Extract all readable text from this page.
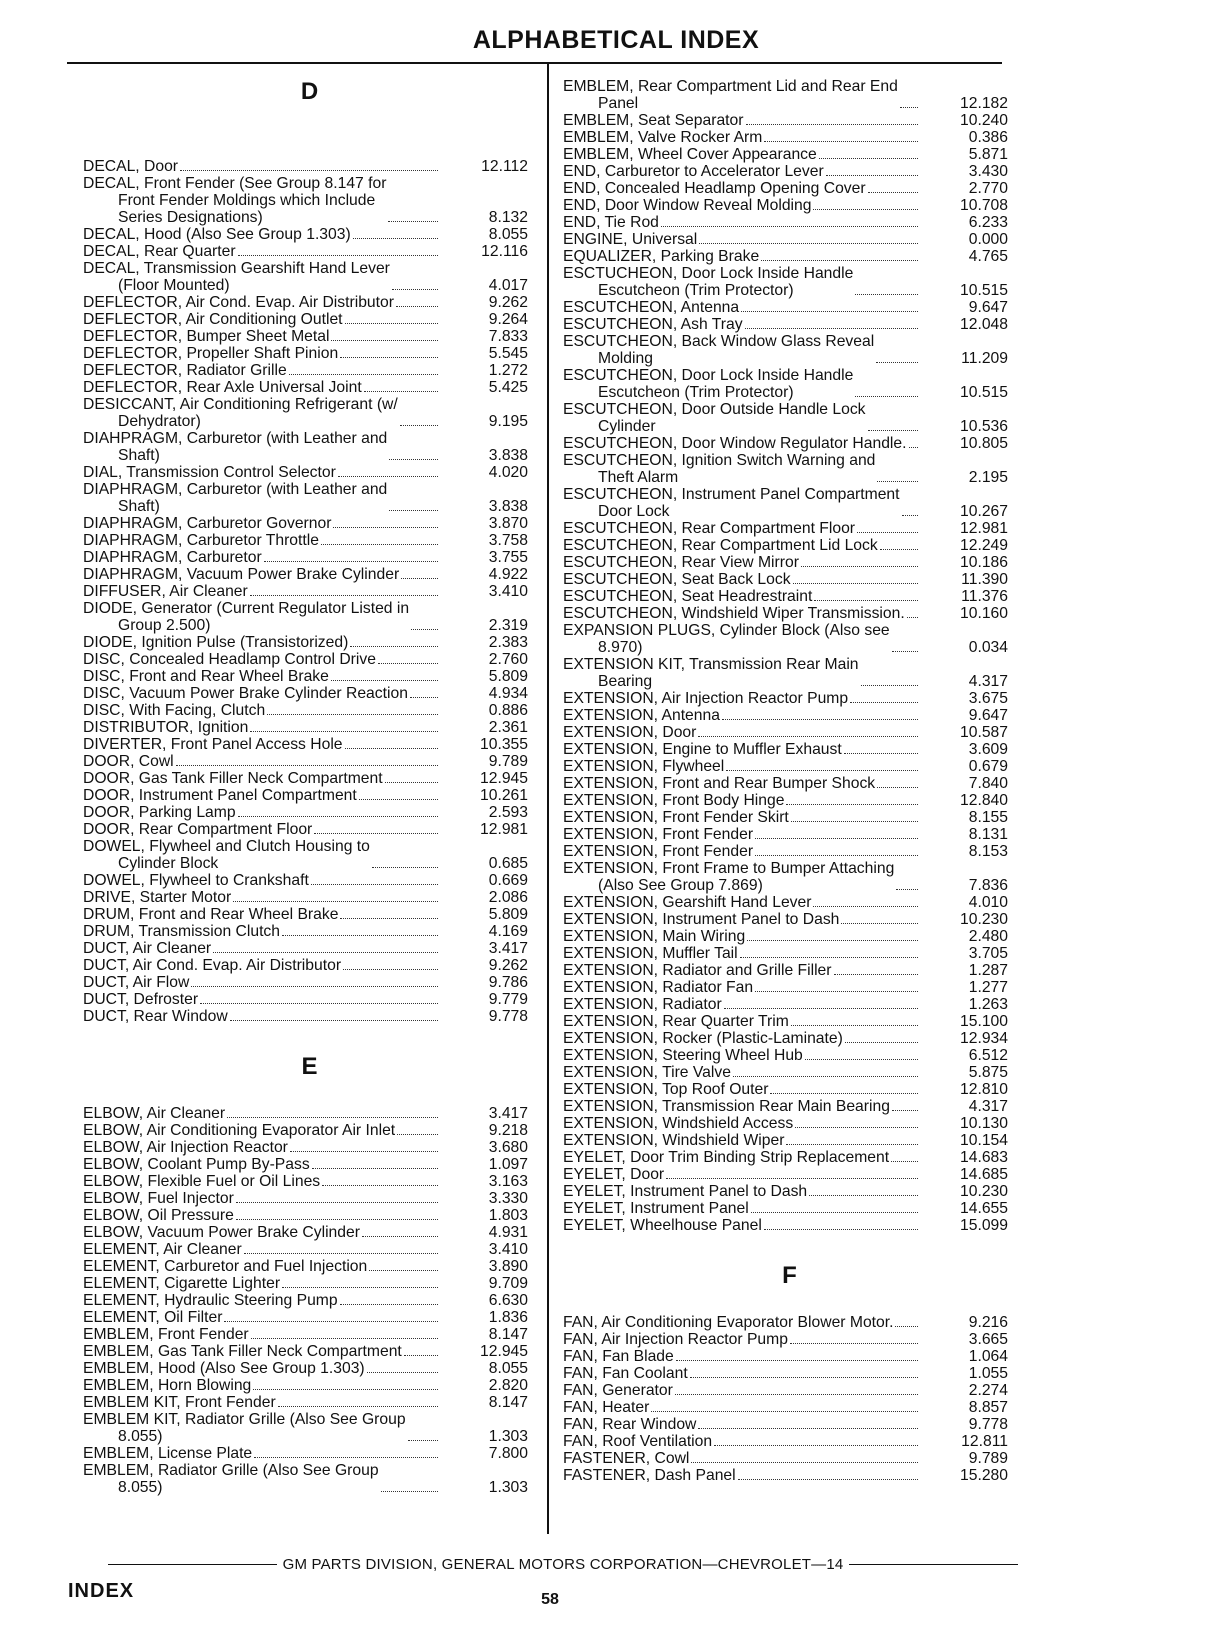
ALPHABETICAL INDEX
D
DECAL, Door	12.112
DECAL, Front Fender (See Group 8.147 for
Front Fender Moldings which Include
Series Designations)	8.132
DECAL, Hood (Also See Group 1.303)	8.055
DECAL, Rear Quarter	12.116
DECAL, Transmission Gearshift Hand Lever
(Floor Mounted)	4.017
DEFLECTOR, Air Cond. Evap. Air Distributor	9.262
DEFLECTOR, Air Conditioning Outlet	9.264
DEFLECTOR, Bumper Sheet Metal	7.833
DEFLECTOR, Propeller Shaft Pinion	5.545
DEFLECTOR, Radiator Grille	1.272
DEFLECTOR, Rear Axle Universal Joint	5.425
DESICCANT, Air Conditioning Refrigerant (w/
Dehydrator)	9.195
DIAHPRAGM, Carburetor (with Leather and
Shaft)	3.838
DIAL, Transmission Control Selector	4.020
DIAPHRAGM, Carburetor (with Leather and
Shaft)	3.838
DIAPHRAGM, Carburetor Governor	3.870
DIAPHRAGM, Carburetor Throttle	3.758
DIAPHRAGM, Carburetor	3.755
DIAPHRAGM, Vacuum Power Brake Cylinder	4.922
DIFFUSER, Air Cleaner	3.410
DIODE, Generator (Current Regulator Listed in
Group 2.500)	2.319
DIODE, Ignition Pulse (Transistorized)	2.383
DISC, Concealed Headlamp Control Drive	2.760
DISC, Front and Rear Wheel Brake	5.809
DISC, Vacuum Power Brake Cylinder Reaction	4.934
DISC, With Facing, Clutch	0.886
DISTRIBUTOR, Ignition	2.361
DIVERTER, Front Panel Access Hole	10.355
DOOR, Cowl	9.789
DOOR, Gas Tank Filler Neck Compartment	12.945
DOOR, Instrument Panel Compartment	10.261
DOOR, Parking Lamp	2.593
DOOR, Rear Compartment Floor	12.981
DOWEL, Flywheel and Clutch Housing to
Cylinder Block	0.685
DOWEL, Flywheel to Crankshaft	0.669
DRIVE, Starter Motor	2.086
DRUM, Front and Rear Wheel Brake	5.809
DRUM, Transmission Clutch	4.169
DUCT, Air Cleaner	3.417
DUCT, Air Cond. Evap. Air Distributor	9.262
DUCT, Air Flow	9.786
DUCT, Defroster	9.779
DUCT, Rear Window	9.778
E
ELBOW, Air Cleaner	3.417
ELBOW, Air Conditioning Evaporator Air Inlet	9.218
ELBOW, Air Injection Reactor	3.680
ELBOW, Coolant Pump By-Pass	1.097
ELBOW, Flexible Fuel or Oil Lines	3.163
ELBOW, Fuel Injector	3.330
ELBOW, Oil Pressure	1.803
ELBOW, Vacuum Power Brake Cylinder	4.931
ELEMENT, Air Cleaner	3.410
ELEMENT, Carburetor and Fuel Injection	3.890
ELEMENT, Cigarette Lighter	9.709
ELEMENT, Hydraulic Steering Pump	6.630
ELEMENT, Oil Filter	1.836
EMBLEM, Front Fender	8.147
EMBLEM, Gas Tank Filler Neck Compartment	12.945
EMBLEM, Hood (Also See Group 1.303)	8.055
EMBLEM, Horn Blowing	2.820
EMBLEM KIT, Front Fender	8.147
EMBLEM KIT, Radiator Grille (Also See Group
8.055)	1.303
EMBLEM, License Plate	7.800
EMBLEM, Radiator Grille (Also See Group
8.055)	1.303
EMBLEM, Rear Compartment Lid and Rear End
Panel	12.182
EMBLEM, Seat Separator	10.240
EMBLEM, Valve Rocker Arm	0.386
EMBLEM, Wheel Cover Appearance	5.871
END, Carburetor to Accelerator Lever	3.430
END, Concealed Headlamp Opening Cover	2.770
END, Door Window Reveal Molding	10.708
END, Tie Rod	6.233
ENGINE, Universal	0.000
EQUALIZER, Parking Brake	4.765
ESCTUCHEON, Door Lock Inside Handle
Escutcheon (Trim Protector)	10.515
ESCUTCHEON, Antenna	9.647
ESCUTCHEON, Ash Tray	12.048
ESCUTCHEON, Back Window Glass Reveal
Molding	11.209
ESCUTCHEON, Door Lock Inside Handle
Escutcheon (Trim Protector)	10.515
ESCUTCHEON, Door Outside Handle Lock
Cylinder	10.536
ESCUTCHEON, Door Window Regulator Handle.	10.805
ESCUTCHEON, Ignition Switch Warning and
Theft Alarm	2.195
ESCUTCHEON, Instrument Panel Compartment
Door Lock	10.267
ESCUTCHEON, Rear Compartment Floor	12.981
ESCUTCHEON, Rear Compartment Lid Lock	12.249
ESCUTCHEON, Rear View Mirror	10.186
ESCUTCHEON, Seat Back Lock	11.390
ESCUTCHEON, Seat Headrestraint	11.376
ESCUTCHEON, Windshield Wiper Transmission.	10.160
EXPANSION PLUGS, Cylinder Block (Also see
8.970)	0.034
EXTENSION KIT, Transmission Rear Main
Bearing	4.317
EXTENSION, Air Injection Reactor Pump	3.675
EXTENSION, Antenna	9.647
EXTENSION, Door	10.587
EXTENSION, Engine to Muffler Exhaust	3.609
EXTENSION, Flywheel	0.679
EXTENSION, Front and Rear Bumper Shock	7.840
EXTENSION, Front Body Hinge	12.840
EXTENSION, Front Fender Skirt	8.155
EXTENSION, Front Fender	8.131
EXTENSION, Front Fender	8.153
EXTENSION, Front Frame to Bumper Attaching
(Also See Group 7.869)	7.836
EXTENSION, Gearshift Hand Lever	4.010
EXTENSION, Instrument Panel to Dash	10.230
EXTENSION, Main Wiring	2.480
EXTENSION, Muffler Tail	3.705
EXTENSION, Radiator and Grille Filler	1.287
EXTENSION, Radiator Fan	1.277
EXTENSION, Radiator	1.263
EXTENSION, Rear Quarter Trim	15.100
EXTENSION, Rocker (Plastic-Laminate)	12.934
EXTENSION, Steering Wheel Hub	6.512
EXTENSION, Tire Valve	5.875
EXTENSION, Top Roof Outer	12.810
EXTENSION, Transmission Rear Main Bearing	4.317
EXTENSION, Windshield Access	10.130
EXTENSION, Windshield Wiper	10.154
EYELET, Door Trim Binding Strip Replacement	14.683
EYELET, Door	14.685
EYELET, Instrument Panel to Dash	10.230
EYELET, Instrument Panel	14.655
EYELET, Wheelhouse Panel	15.099
F
FAN, Air Conditioning Evaporator Blower Motor.	9.216
FAN, Air Injection Reactor Pump	3.665
FAN, Fan Blade	1.064
FAN, Fan Coolant	1.055
FAN, Generator	2.274
FAN, Heater	8.857
FAN, Rear Window	9.778
FAN, Roof Ventilation	12.811
FASTENER, Cowl	9.789
FASTENER, Dash Panel	15.280
GM PARTS DIVISION, GENERAL MOTORS CORPORATION—CHEVROLET—14
INDEX	58
